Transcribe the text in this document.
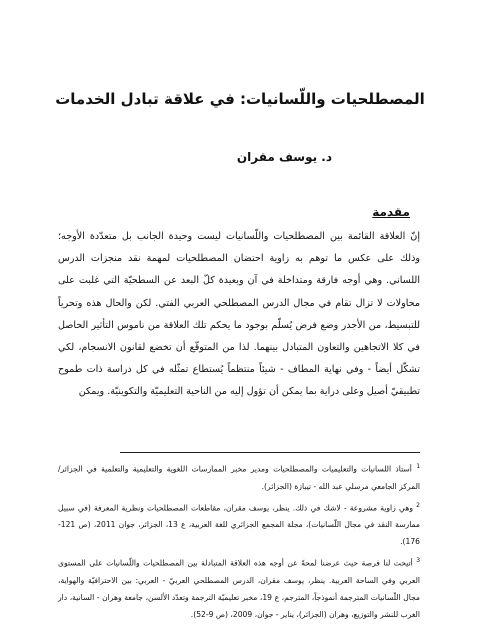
المصطلحيات واللّسانيات: في علاقة تبادل الخدمات
د. يوسف مقران
مقدمة

إنّ العلاقة القائمة بين المصطلحيات واللّسانيات ليست وحيدة الجانب بل متعدّدة الأوجه؛ وذلك على عكس ما توهم به زاوية احتضان المصطلحيات لمهمة نقد منجزات الدرس اللساني. وهي أوجه فارقة ومتداخلة في آن وبعيدة كلّ البعد عن السطحيّة التي غلبت على محاولات لا تزال تقام في مجال الدرس المصطلحي العربي الفتي. لكن والحال هذه وتحرياً للتبسيط، من الأجدر وضع فرض يُسلّم بوجود ما يحكم تلك العلاقة من ناموس التأثير الحاصل في كلا الاتجاهين والتعاون المتبادل بينهما. لذا من المتوقّع أن تخضع لقانون الانسجام، لكي تشكّل أيضاً - وفي نهاية المطاف - شيئاً منتظماً يُستطاع تمثّله في كل دراسة ذات طموح تطبيقيّ أصيل وعلى دراية بما يمكن أن تؤول إليه من الناحية التعليميّة والتكوينيّة. ويمكن

$^1$ أستاذ اللسانيات والتعليميات والمصطلحيات ومدير مخبر الممارسات اللغوية والتعليمية والتعلمية في الجزائر/ المركز الجامعي مرسلي عبد الله - تيبازة (الجزائر).

$^2$ وهي زاوية مشروعة - لاشك في ذلك. ينظر، يوسف مقران، مقاطعات المصطلحيات ونظرية المعرفة (في سبيل ممارسة النقد في مجال اللّسانيات)، مجلة المجمع الجزائري للغة العربية، ع 13، الجزائر، جوان 2011، (ص 121-176).

$^3$ أتيحت لنا فرصة حيث عرضنا لمحةً عن أوجه هذه العلاقة المتبادلة بين المصطلحيات واللّسانيات على المستوى العربي وفي الساحة العربية. ينظر، يوسف مقران، الدرس المصطلحي العربيّ - العربي: بين الاحترافيّة والهواية، مجال اللّسانيات المترجمة أنموذجاً، المترجم، ع 19، مخبر تعليميّة الترجمة وتعدّد الألسن، جامعة وهران - السانية، دار الغرب للنشر والتوزيع، وهران (الجزائر)، يناير - جوان، 2009، (ص 9-52).
